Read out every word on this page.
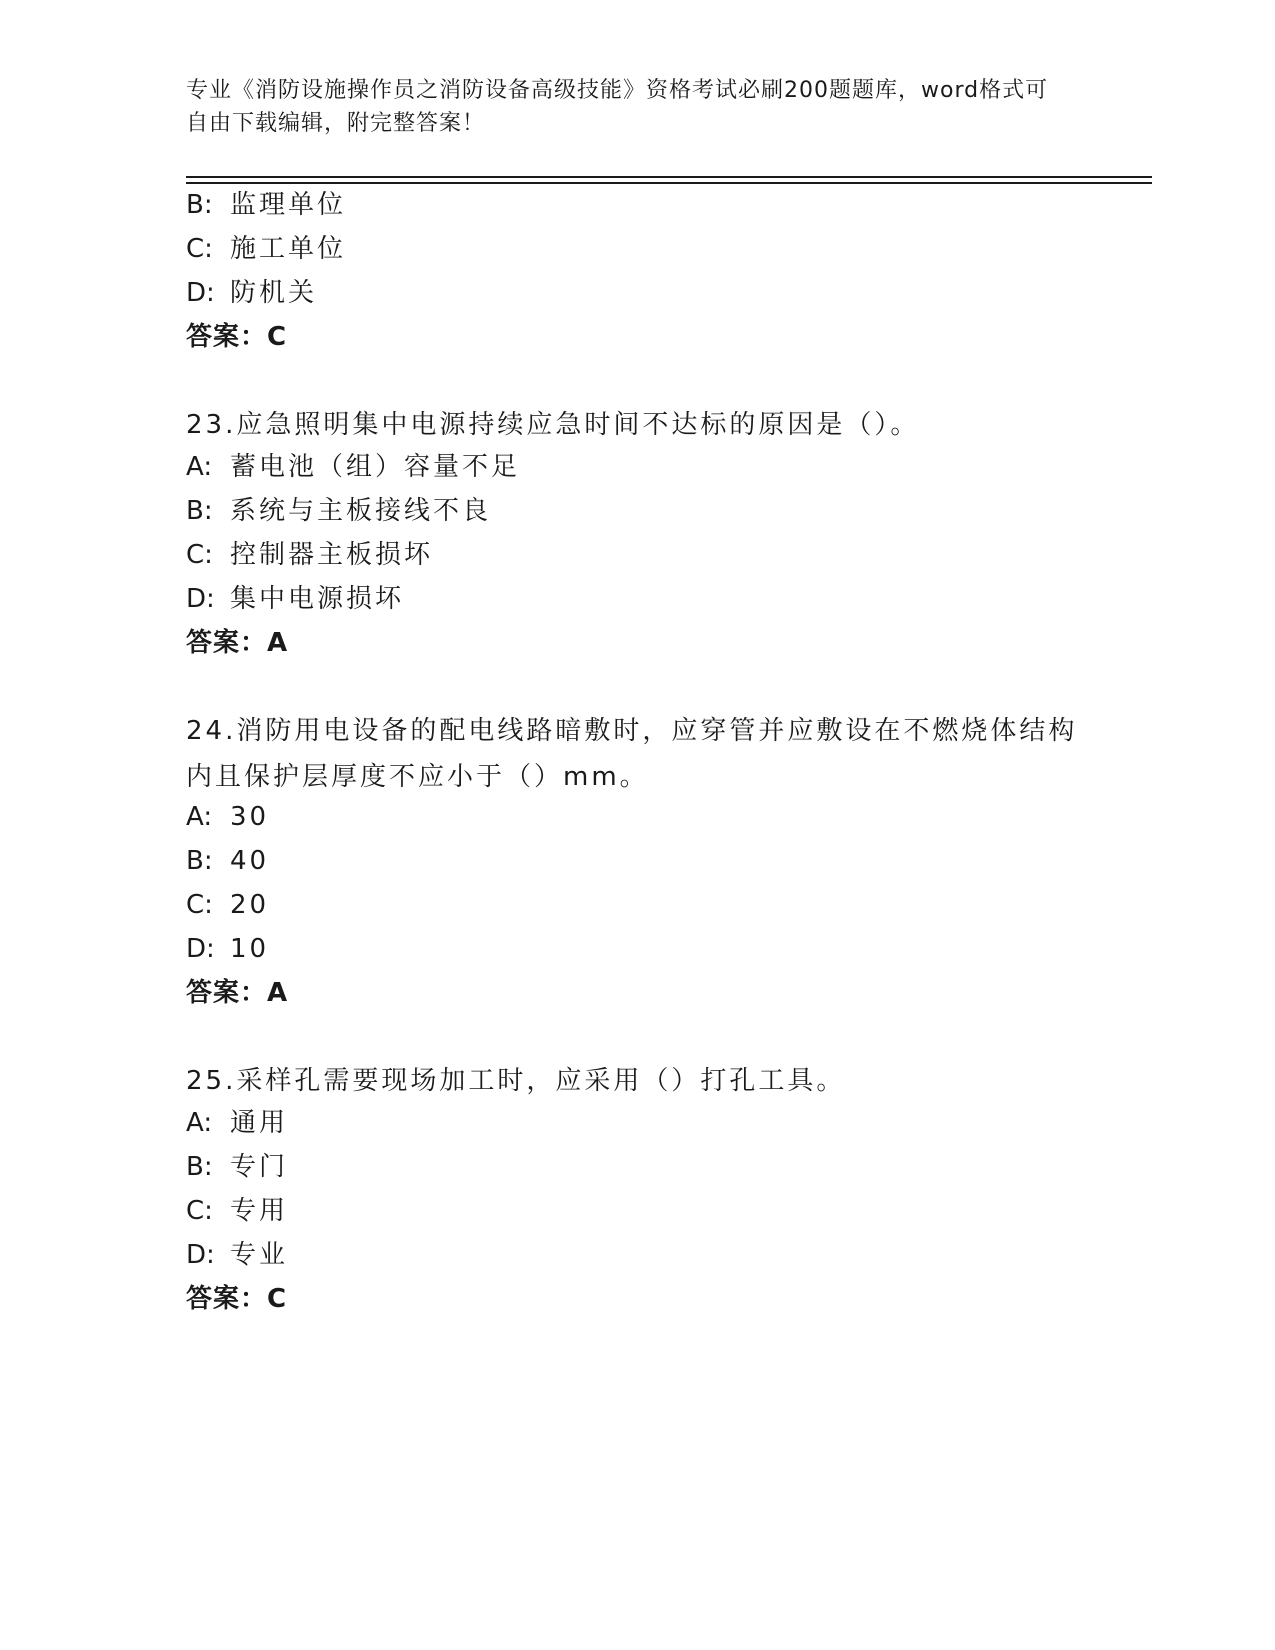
专业《消防设施操作员之消防设备高级技能》资格考试必刷200题题库，word格式可自由下载编辑，附完整答案！
B: 监理单位
C: 施工单位
D: 防机关
答案：C
23.应急照明集中电源持续应急时间不达标的原因是（）。
A: 蓄电池（组）容量不足
B: 系统与主板接线不良
C: 控制器主板损坏
D: 集中电源损坏
答案：A
24.消防用电设备的配电线路暗敷时，应穿管并应敷设在不燃烧体结构内且保护层厚度不应小于（）mm。
A: 30
B: 40
C: 20
D: 10
答案：A
25.采样孔需要现场加工时，应采用（）打孔工具。
A: 通用
B: 专门
C: 专用
D: 专业
答案：C
